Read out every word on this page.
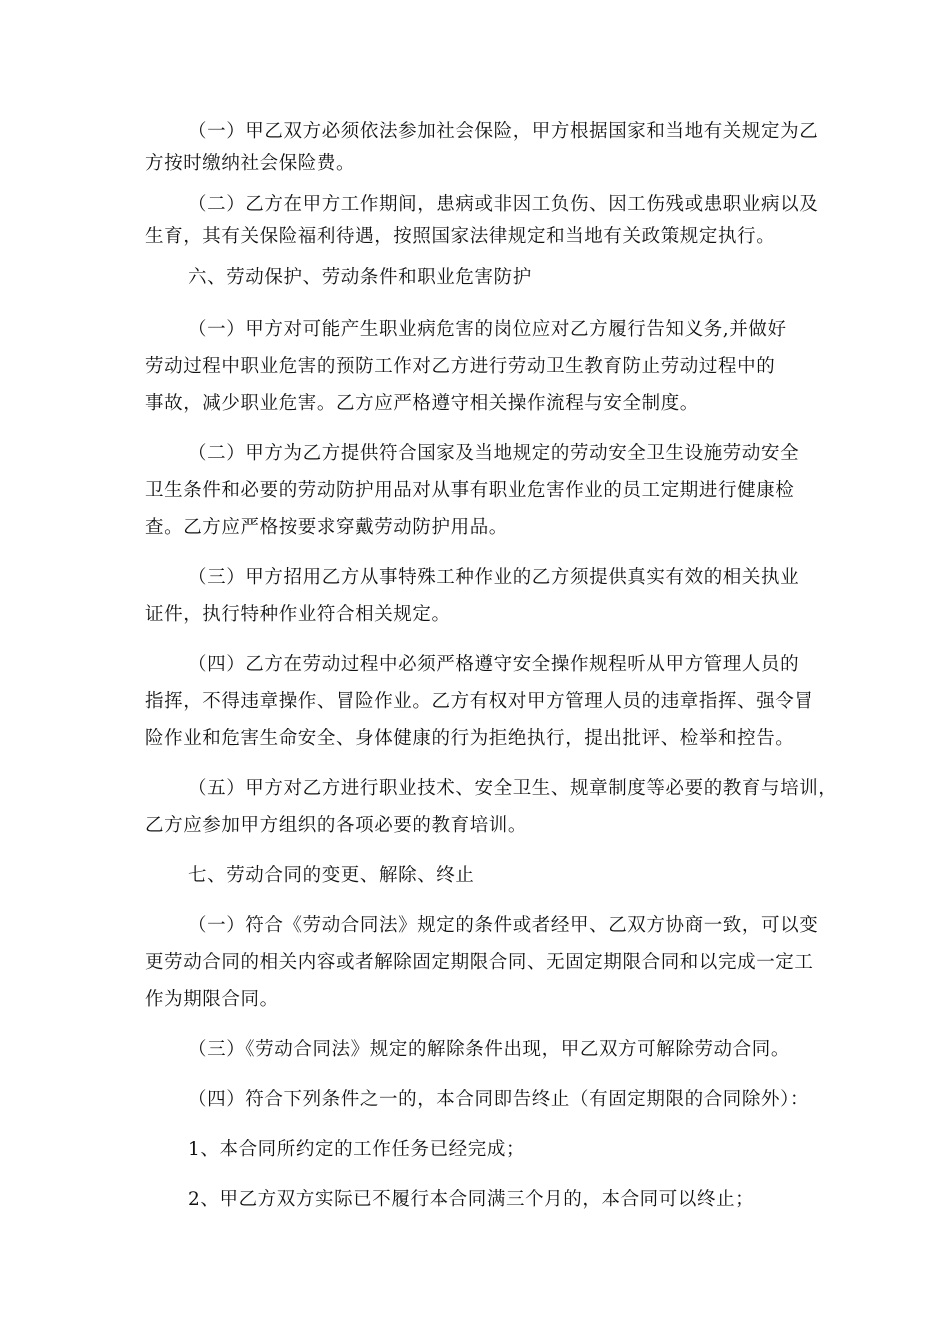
（一）甲乙双方必须依法参加社会保险，甲方根据国家和当地有关规定为乙
方按时缴纳社会保险费。
（二）乙方在甲方工作期间，患病或非因工负伤、因工伤残或患职业病以及
生育，其有关保险福利待遇，按照国家法律规定和当地有关政策规定执行。
六、劳动保护、劳动条件和职业危害防护
（一）甲方对可能产生职业病危害的岗位应对乙方履行告知义务,并做好
劳动过程中职业危害的预防工作对乙方进行劳动卫生教育防止劳动过程中的
事故，减少职业危害。乙方应严格遵守相关操作流程与安全制度。
（二）甲方为乙方提供符合国家及当地规定的劳动安全卫生设施劳动安全
卫生条件和必要的劳动防护用品对从事有职业危害作业的员工定期进行健康检
查。乙方应严格按要求穿戴劳动防护用品。
（三）甲方招用乙方从事特殊工种作业的乙方须提供真实有效的相关执业
证件，执行特种作业符合相关规定。
（四）乙方在劳动过程中必须严格遵守安全操作规程听从甲方管理人员的
指挥，不得违章操作、冒险作业。乙方有权对甲方管理人员的违章指挥、强令冒
险作业和危害生命安全、身体健康的行为拒绝执行，提出批评、检举和控告。
（五）甲方对乙方进行职业技术、安全卫生、规章制度等必要的教育与培训，
乙方应参加甲方组织的各项必要的教育培训。
七、劳动合同的变更、解除、终止
（一）符合《劳动合同法》规定的条件或者经甲、乙双方协商一致，可以变
更劳动合同的相关内容或者解除固定期限合同、无固定期限合同和以完成一定工
作为期限合同。
（三）《劳动合同法》规定的解除条件出现，甲乙双方可解除劳动合同。
（四）符合下列条件之一的，本合同即告终止（有固定期限的合同除外）：
1、本合同所约定的工作任务已经完成；
2、甲乙方双方实际已不履行本合同满三个月的，本合同可以终止；
